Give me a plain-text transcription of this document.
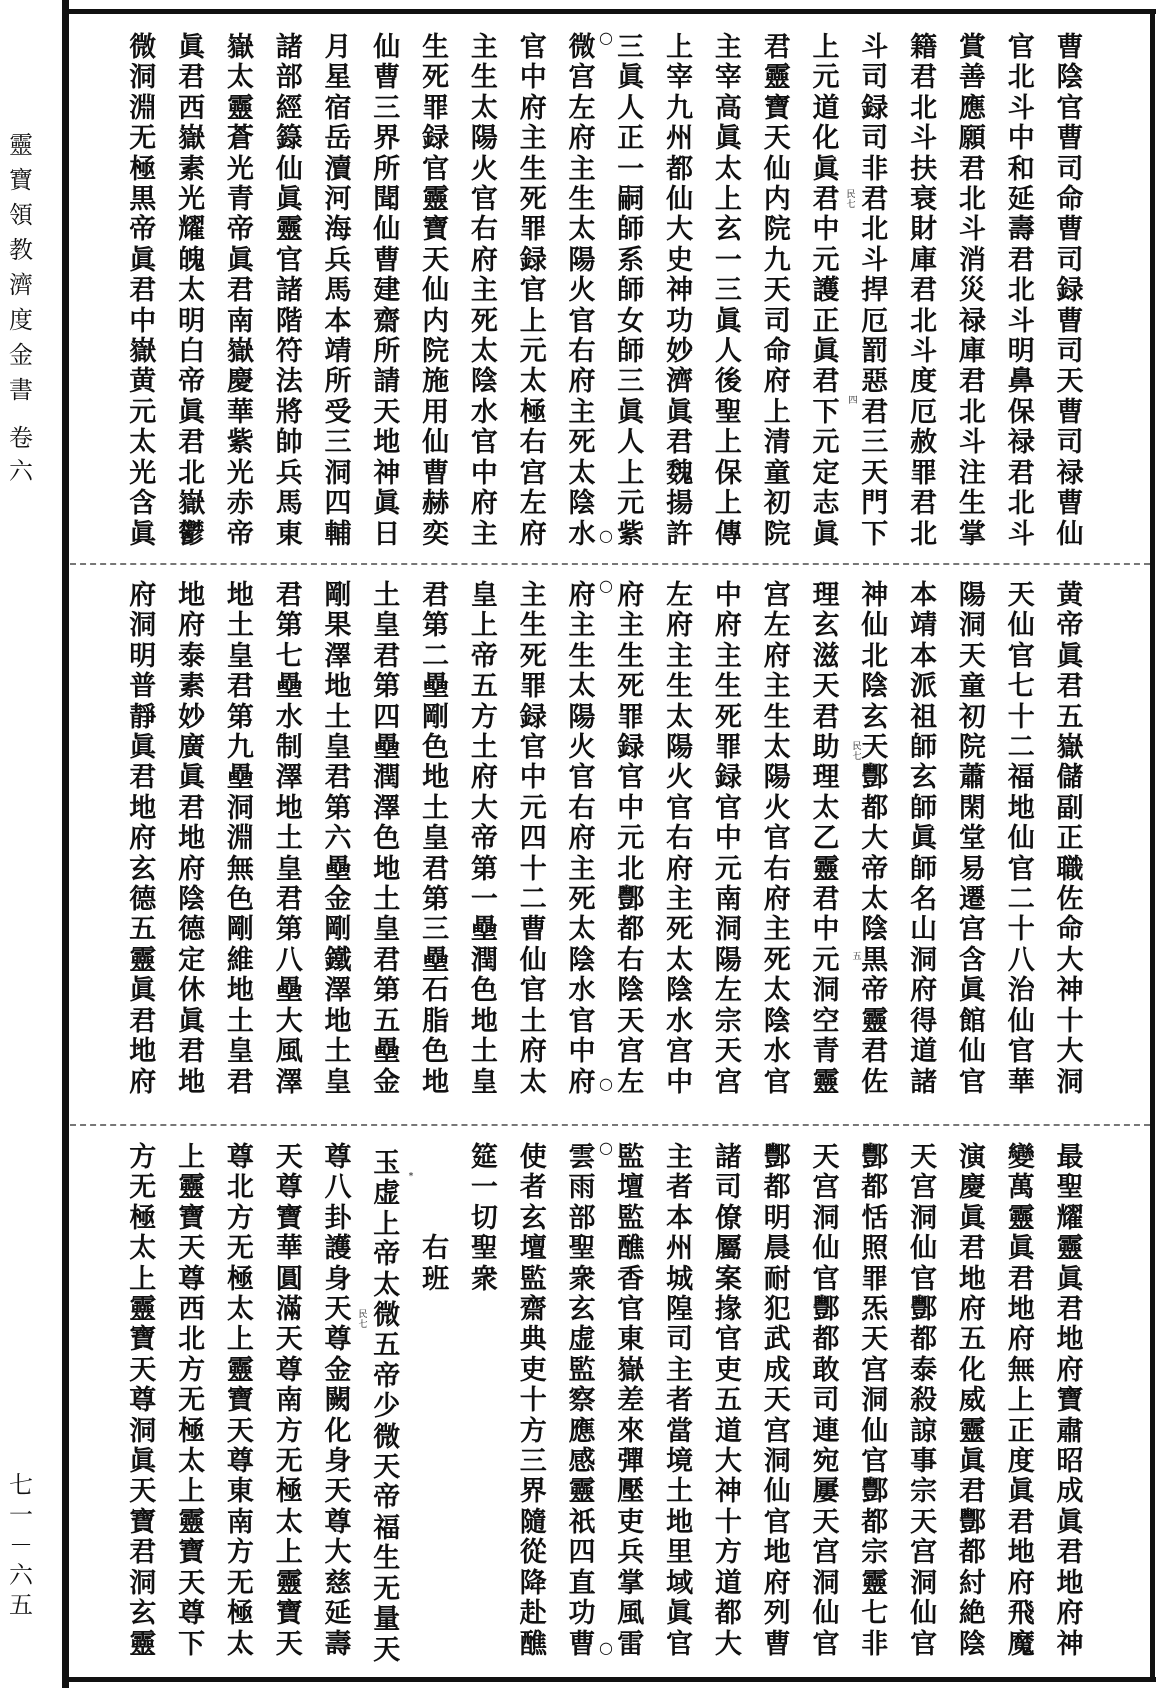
靈寶領教濟度金書
卷六
七一－六五
曹陰官曹司命曹司録曹司天曹司禄曹仙
官北斗中和延壽君北斗明鼻保禄君北斗
賞善應願君北斗消災禄庫君北斗注生掌
籍君北斗扶衰財庫君北斗度厄赦罪君北
斗司録司非君北斗捍厄罰惡君三天門下
上元道化眞君中元護正眞君下元定志眞
君靈寶天仙内院九天司命府上清童初院
主宰高眞太上玄一三眞人後聖上保上傳
上宰九州都仙大史神功妙濟眞君魏揚許
三眞人正一嗣師系師女師三眞人上元紫
微宫左府主生太陽火官右府主死太陰水
官中府主生死罪録官上元太極右宫左府
主生太陽火官右府主死太陰水官中府主
生死罪録官靈寶天仙内院施用仙曹赫奕
仙曹三界所聞仙曹建齋所請天地神眞日
月星宿岳瀆河海兵馬本靖所受三洞四輔
諸部經籙仙眞靈官諸階符法將帥兵馬東
嶽太靈蒼光青帝眞君南嶽慶華紫光赤帝
眞君西嶽素光耀魄太明白帝眞君北嶽鬱
微洞淵无極黒帝眞君中嶽黄元太光含眞
○
○
民七
四
黄帝眞君五嶽儲副正職佐命大神十大洞
天仙官七十二福地仙官二十八治仙官華
陽洞天童初院蕭閑堂易遷宫含眞館仙官
本靖本派祖師玄師眞師名山洞府得道諸
神仙北陰玄天酆都大帝太陰黒帝靈君佐
理玄滋天君助理太乙靈君中元洞空青靈
宫左府主生太陽火官右府主死太陰水官
中府主生死罪録官中元南洞陽左宗天宫
左府主生太陽火官右府主死太陰水宫中
府主生死罪録官中元北酆都右陰天宫左
府主生太陽火官右府主死太陰水官中府
主生死罪録官中元四十二曹仙官土府太
皇上帝五方土府大帝第一壘潤色地土皇
君第二壘剛色地土皇君第三壘石脂色地
土皇君第四壘潤澤色地土皇君第五壘金
剛果澤地土皇君第六壘金剛鐵澤地土皇
君第七壘水制澤地土皇君第八壘大風澤
地土皇君第九壘洞淵無色剛維地土皇君
地府泰素妙廣眞君地府陰德定休眞君地
府洞明普靜眞君地府玄德五靈眞君地府
○
○
民七
五
最聖耀靈眞君地府寶肅昭成眞君地府神
變萬靈眞君地府無上正度眞君地府飛魔
演慶眞君地府五化威靈眞君酆都紂絶陰
天宫洞仙官酆都泰殺諒事宗天宫洞仙官
酆都恬照罪炁天宫洞仙官酆都宗靈七非
天宫洞仙官酆都敢司連宛屢天宫洞仙官
酆都明晨耐犯武成天宫洞仙官地府列曹
諸司僚屬案掾官吏五道大神十方道都大
主者本州城隍司主者當境土地里域眞官
監壇監醮香官東嶽差來彈壓吏兵掌風雷
雲雨部聖衆玄虚監察應感靈祇四直功曹
使者玄壇監齋典吏十方三界隨從降赴醮
筵一切聖衆
右班
玉虚上帝太微五帝少微天帝福生无量天
尊八卦護身天尊金闕化身天尊大慈延壽
天尊寶華圓滿天尊南方无極太上靈寶天
尊北方无極太上靈寶天尊東南方无極太
上靈寶天尊西北方无極太上靈寶天尊下
方无極太上靈寶天尊洞眞天寶君洞玄靈
○
○
民七
*
